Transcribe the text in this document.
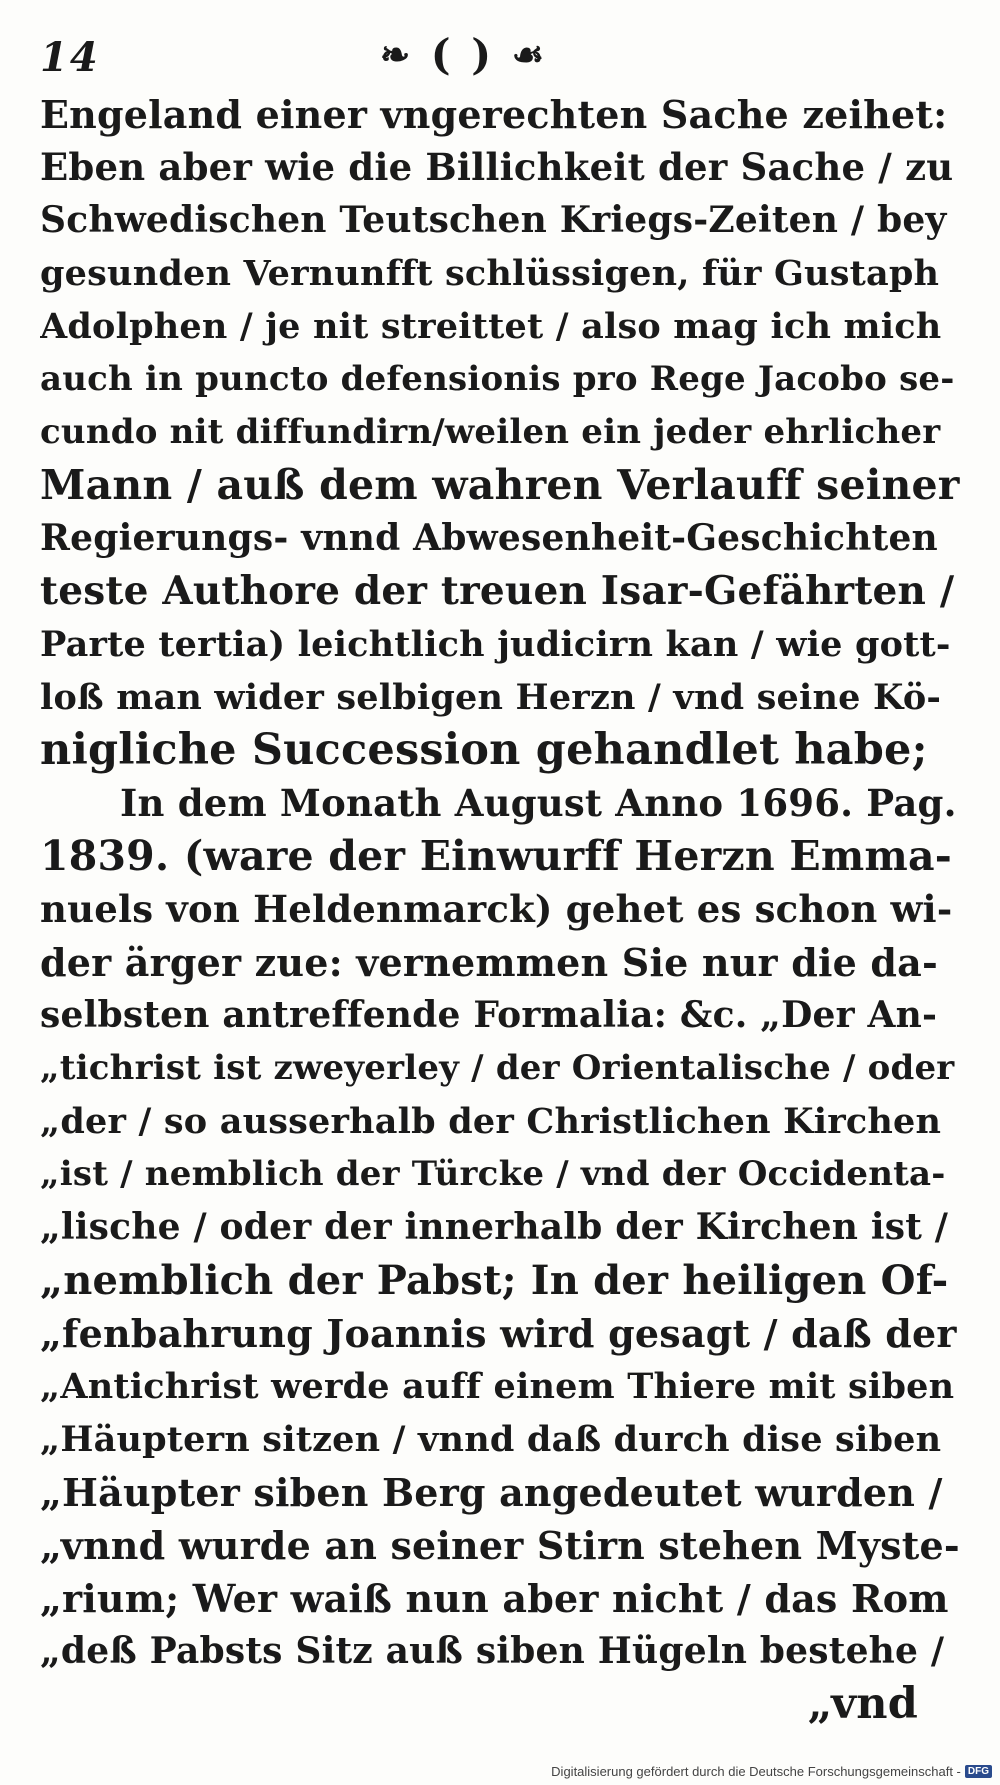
14	❧ ( ) ☙
Engeland einer vngerechten Sache zeihet:
Eben aber wie die Billichkeit der Sache / zu
Schwedischen Teutschen Kriegs-Zeiten / bey
gesunden Vernunfft schlüssigen, für Gustaph
Adolphen / je nit streittet / also mag ich mich
auch in puncto defensionis pro Rege Jacobo se-
cundo nit diffundirn/weilen ein jeder ehrlicher
Mann / auß dem wahren Verlauff seiner
Regierungs- vnnd Abwesenheit-Geschichten
teste Authore der treuen Isar-Gefährten /
Parte tertia) leichtlich judicirn kan / wie gott-
loß man wider selbigen Herzn / vnd seine Kö-
nigliche Succession gehandlet habe;
In dem Monath August Anno 1696. Pag.
1839. (ware der Einwurff Herzn Emma-
nuels von Heldenmarck) gehet es schon wi-
der ärger zue: vernemmen Sie nur die da-
selbsten antreffende Formalia: &c. „Der An-
„tichrist ist zweyerley / der Orientalische / oder
„der / so ausserhalb der Christlichen Kirchen
„ist / nemblich der Türcke / vnd der Occidenta-
„lische / oder der innerhalb der Kirchen ist /
„nemblich der Pabst; In der heiligen Of-
„fenbahrung Joannis wird gesagt / daß der
„Antichrist werde auff einem Thiere mit siben
„Häuptern sitzen / vnnd daß durch dise siben
„Häupter siben Berg angedeutet wurden /
„vnnd wurde an seiner Stirn stehen Myste-
„rium; Wer waiß nun aber nicht / das Rom
„deß Pabsts Sitz auß siben Hügeln bestehe /
„vnd
Digitalisierung gefördert durch die Deutsche Forschungsgemeinschaft - DFG
